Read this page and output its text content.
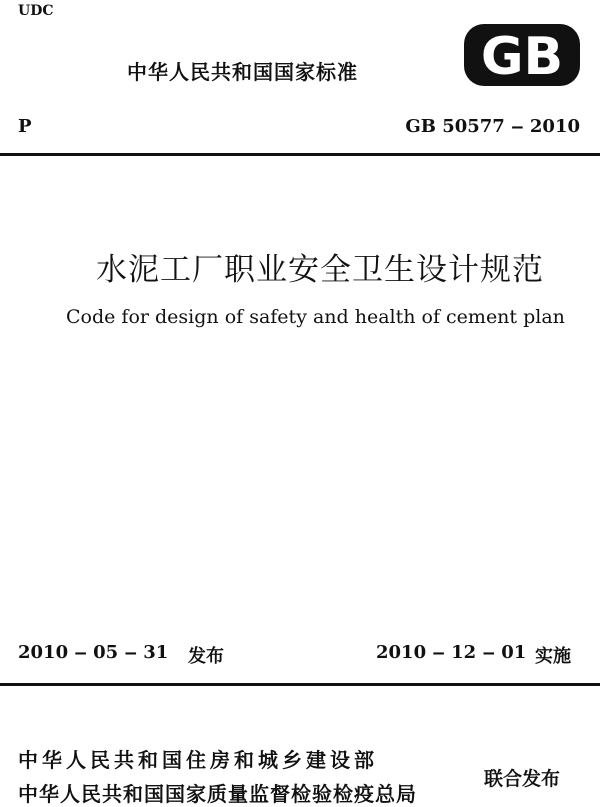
UDC
中华人民共和国国家标准 GB
P	GB 50577 ‒ 2010
水泥工厂职业安全卫生设计规范
Code for design of safety and health of cement plan
2010 ‒ 05 ‒ 31 发布	2010 ‒ 12 ‒ 01 实施
中华人民共和国住房和城乡建设部
中华人民共和国国家质量监督检验检疫总局
联合发布
